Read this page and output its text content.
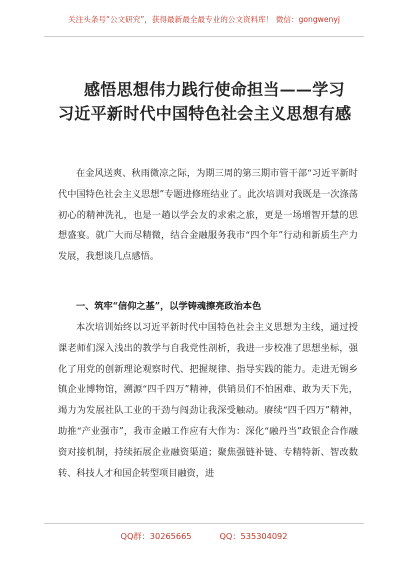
关注头条号“公文研究”，获得最新最全最专业的公文资料库！ 微信：gongwenyj
感悟思想伟力践行使命担当——学习习近平新时代中国特色社会主义思想有感

在金风送爽、秋雨微凉之际，为期三周的第三期市管干部“习近平新时代中国特色社会主义思想”专题进修班结业了。此次培训对我既是一次涤荡初心的精神洗礼，也是一趟以学会友的求索之旅，更是一场增智开慧的思想盛宴。就广大而尽精微，结合金融服务我市“四个年”行动和新质生产力发展，我想谈几点感悟。

一、筑牢“信仰之基”，以学铸魂擦亮政治本色

本次培训始终以习近平新时代中国特色社会主义思想为主线，通过授课老师们深入浅出的教学与自我党性剖析，我进一步校准了思想坐标，强化了用党的创新理论观察时代、把握规律、指导实践的能力。走进无锡乡镇企业博物馆，溯源“四千四万”精神，供销员们不怕困难、敢为天下先，竭力为发展社队工业的干劲与闯劲让我深受触动。赓续“四千四万”精神，助推“产业强市”，我市金融工作应有大作为：深化“融丹当”政银企合作融资对接机制，持续拓展企业融资渠道；聚焦强链补链、专精特新、智改数转、科技人才和国企转型项目融资，进

QQ群：30265665	QQ：535304092
